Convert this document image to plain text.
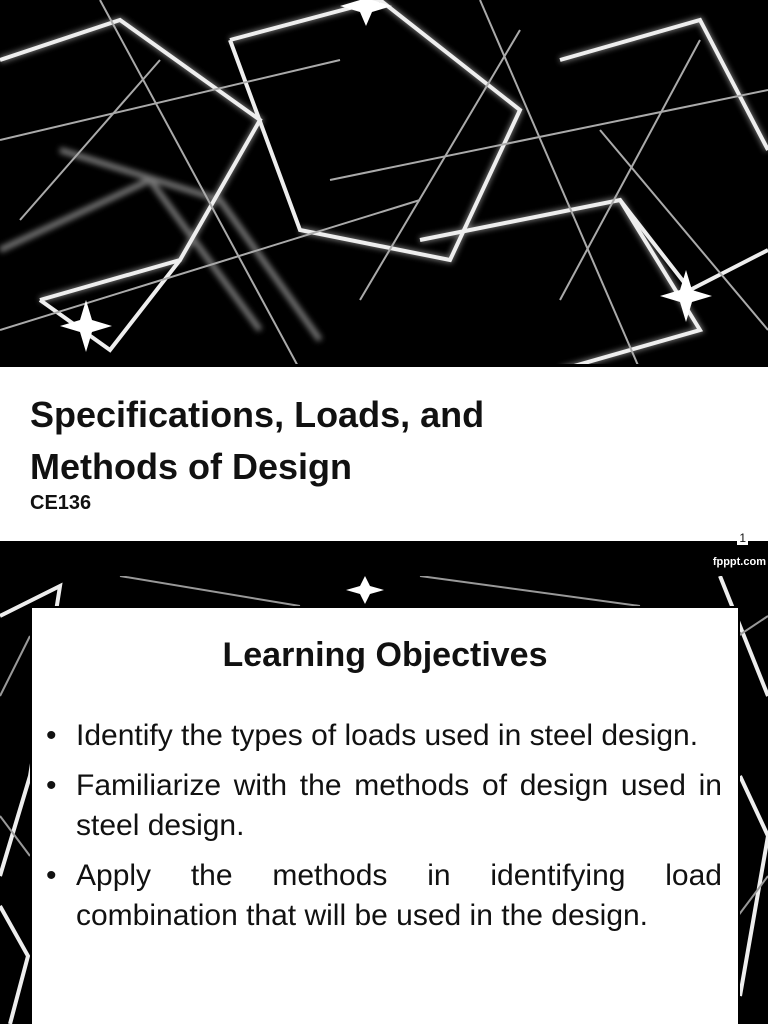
Specifications, Loads, and
Methods of Design
CE136
1
fpppt.com
Learning Objectives
• Identify the types of loads used in steel design.
• Familiarize with the methods of design used in steel design.
• Apply the methods in identifying load combination that will be used in the design.
